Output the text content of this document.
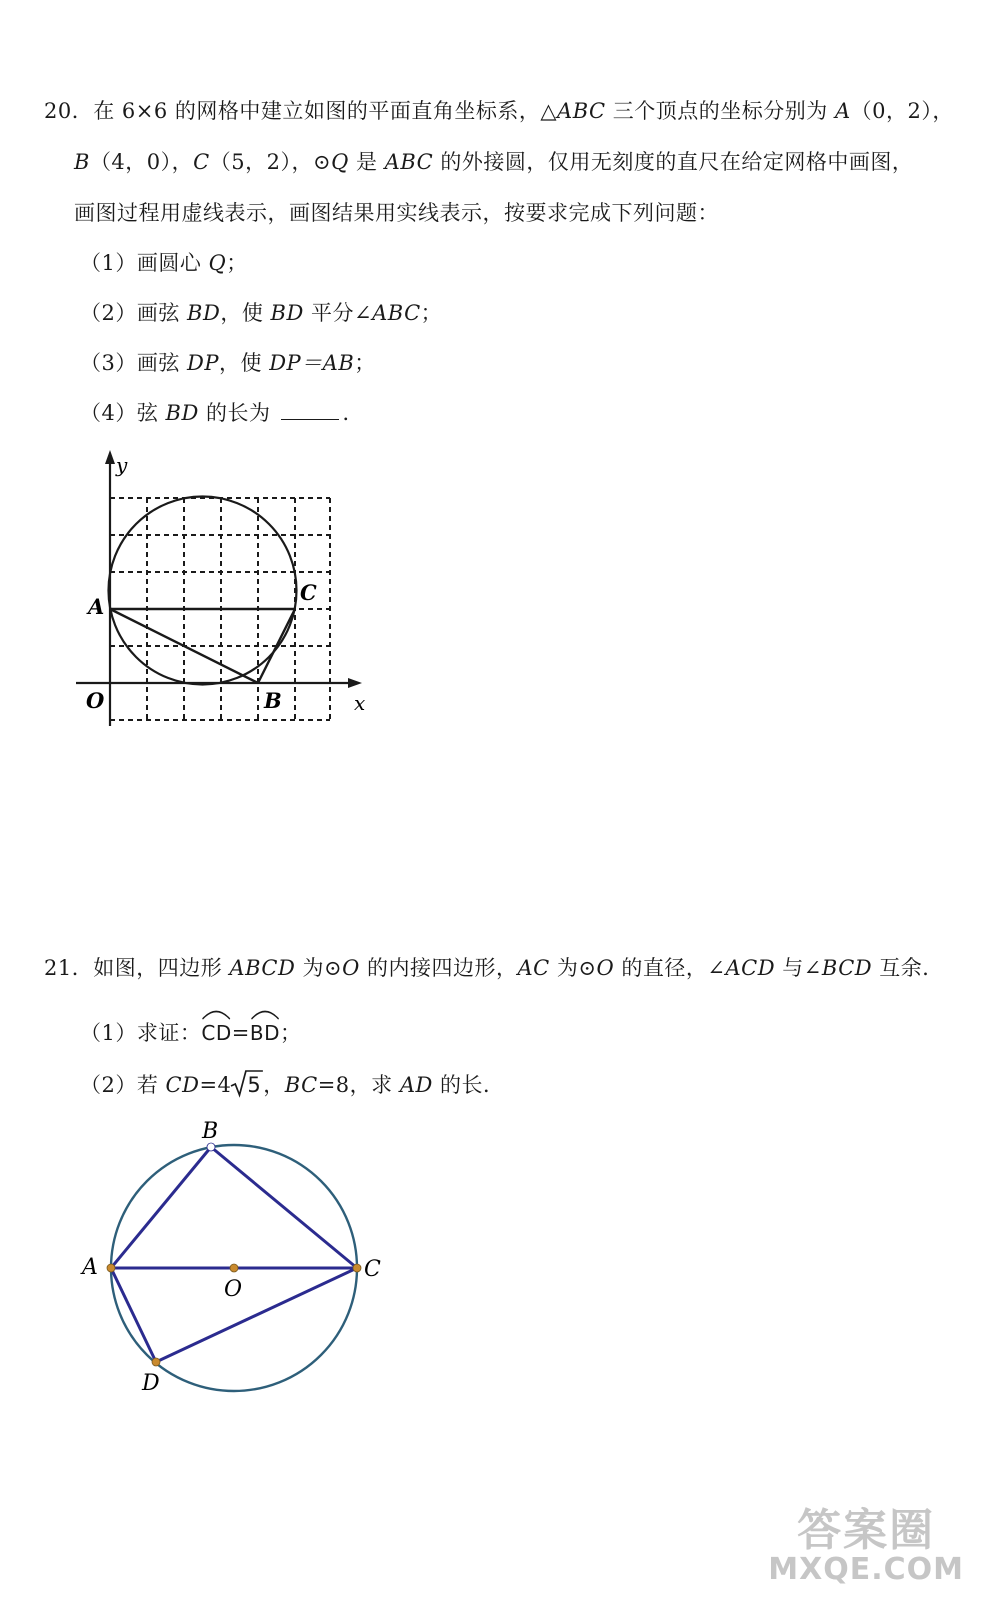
20．在 6×6 的网格中建立如图的平面直角坐标系，△ABC 三个顶点的坐标分别为 A（0，2），
B（4，0），C（5，2），⊙Q 是 ABC 的外接圆，仅用无刻度的直尺在给定网格中画图，
画图过程用虚线表示，画图结果用实线表示，按要求完成下列问题：
（1）画圆心 Q；
（2）画弦 BD，使 BD 平分∠ABC；
（3）画弦 DP，使 DP＝AB；
（4）弦 BD 的长为	．
y
x
O
A
B
C
21．如图，四边形 ABCD 为⊙O 的内接四边形，AC 为⊙O 的直径，∠ACD 与∠BCD 互余．
（1）求证：
CD=
BD；
（2）若 CD=4 5，BC=8，求 AD 的长．
A
B
C
D
O
答案圈
MXQE.COM
